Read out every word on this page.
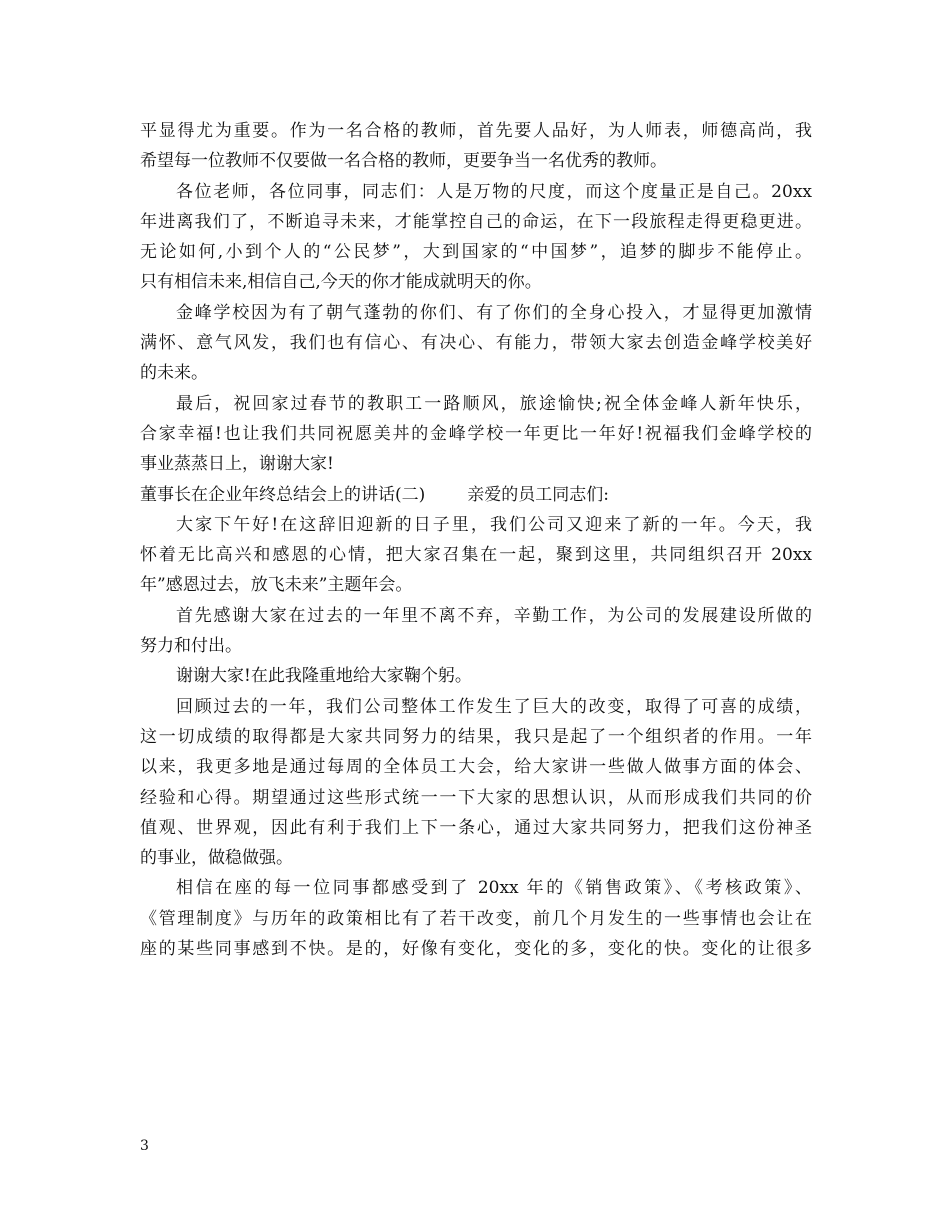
平显得尤为重要。作为一名合格的教师，首先要人品好，为人师表，师德高尚，我
希望每一位教师不仅要做一名合格的教师，更要争当一名优秀的教师。
各位老师，各位同事，同志们：人是万物的尺度，而这个度量正是自己。20xx
年进离我们了，不断追寻未来，才能掌控自己的命运，在下一段旅程走得更稳更进。
无论如何,小到个人的“公民梦”，大到国家的“中国梦”，追梦的脚步不能停止。
只有相信未来,相信自己,今天的你才能成就明天的你。
金峰学校因为有了朝气蓬勃的你们、有了你们的全身心投入，才显得更加激情
满怀、意气风发，我们也有信心、有决心、有能力，带领大家去创造金峰学校美好
的未来。
最后，祝回家过春节的教职工一路顺风，旅途愉快;祝全体金峰人新年快乐，
合家幸福!也让我们共同祝愿美丼的金峰学校一年更比一年好!祝福我们金峰学校的
事业蒸蒸日上，谢谢大家!
董事长在企业年终总结会上的讲话(二) 亲爱的员工同志们:
大家下午好!在这辞旧迎新的日子里，我们公司又迎来了新的一年。今天，我
怀着无比高兴和感恩的心情，把大家召集在一起，聚到这里，共同组织召开 20xx
年”感恩过去，放飞未来”主题年会。
首先感谢大家在过去的一年里不离不弃，辛勤工作，为公司的发展建设所做的
努力和付出。
谢谢大家!在此我隆重地给大家鞠个躬。
回顾过去的一年，我们公司整体工作发生了巨大的改变，取得了可喜的成绩，
这一切成绩的取得都是大家共同努力的结果，我只是起了一个组织者的作用。一年
以来，我更多地是通过每周的全体员工大会，给大家讲一些做人做事方面的体会、
经验和心得。期望通过这些形式统一一下大家的思想认识，从而形成我们共同的价
值观、世界观，因此有利于我们上下一条心，通过大家共同努力，把我们这份神圣
的事业，做稳做强。
相信在座的每一位同事都感受到了 20xx 年的《销售政策》、《考核政策》、
《管理制度》与历年的政策相比有了若干改变，前几个月发生的一些事情也会让在
座的某些同事感到不快。是的，好像有变化，变化的多，变化的快。变化的让很多
3
